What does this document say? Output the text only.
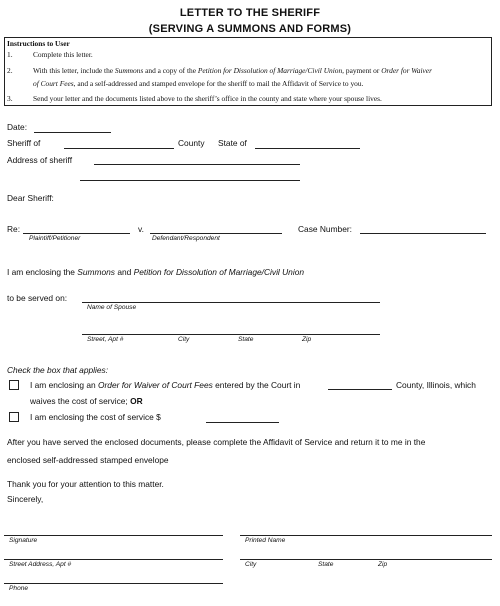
LETTER TO THE SHERIFF
(SERVING A SUMMONS AND FORMS)
Instructions to User
1.	Complete this letter.
2.	With this letter, include the Summons and a copy of the Petition for Dissolution of Marriage/Civil Union, payment or Order for Waiver
of Court Fees, and a self-addressed and stamped envelope for the sheriff to mail the Affidavit of Service to you.
3.	Send your letter and the documents listed above to the sheriff’s office in the county and state where your spouse lives.
Date:
Sheriff of	County State of
Address of sheriff
Dear Sheriff:
Re:
Plaintiff/Petitioner
v.
Defendant/Respondent
Case Number:
I am enclosing the Summons and Petition for Dissolution of Marriage/Civil Union
to be served on:
Name of Spouse
Street, Apt #	City	State	Zip
Check the box that applies:
I am enclosing an Order for Waiver of Court Fees entered by the Court in	County, Illinois, which
waives the cost of service; OR
I am enclosing the cost of service $
After you have served the enclosed documents, please complete the Affidavit of Service and return it to me in the
enclosed self-addressed stamped envelope
Thank you for your attention to this matter.
Sincerely,
Signature	Printed Name
Street Address, Apt #	City	State	Zip
Phone
